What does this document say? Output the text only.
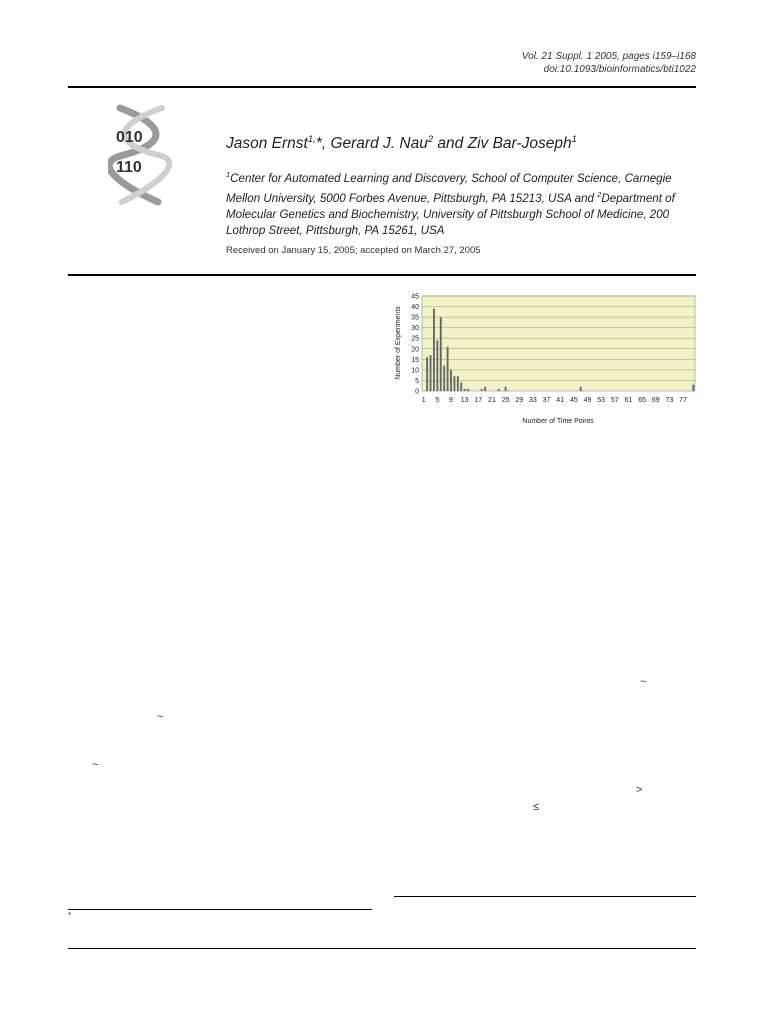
Vol. 21 Suppl. 1 2005, pages i159–i168
doi:10.1093/bioinformatics/bti1022
010
110
Jason Ernst$^{1,}$*, Gerard J. Nau$^2$ and Ziv Bar-Joseph$^1$
$^1$Center for Automated Learning and Discovery, School of Computer Science, Carnegie Mellon University, 5000 Forbes Avenue, Pittsburgh, PA 15213, USA and $^2$Department of Molecular Genetics and Biochemistry, University of Pittsburgh School of Medicine, 200 Lothrop Street, Pittsburgh, PA 15261, USA
Received on January 15, 2005; accepted on March 27, 2005
0
5
10
15
20
25
30
35
40
45
1 5 9 13 17 21 25 29 33 37 41 45 49 53 57 61 65 69 73 77
Number of Experiments
Number of Time Points
~
~
~
>
≤
*
